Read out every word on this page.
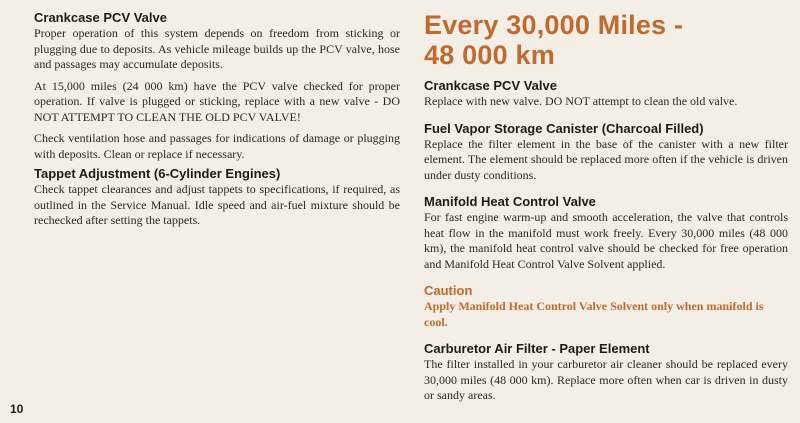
Crankcase PCV Valve

Proper operation of this system depends on freedom from sticking or plugging due to deposits. As vehicle mileage builds up the PCV valve, hose and passages may accumulate deposits.

At 15,000 miles (24 000 km) have the PCV valve checked for proper operation. If valve is plugged or sticking, replace with a new valve - DO NOT ATTEMPT TO CLEAN THE OLD PCV VALVE!

Check ventilation hose and passages for indications of damage or plugging with deposits. Clean or replace if necessary.

Tappet Adjustment (6-Cylinder Engines)

Check tappet clearances and adjust tappets to specifications, if required, as outlined in the Service Manual. Idle speed and air-fuel mixture should be rechecked after setting the tappets.

Every 30,000 Miles -
48 000 km
Crankcase PCV Valve

Replace with new valve. DO NOT attempt to clean the old valve.

Fuel Vapor Storage Canister (Charcoal Filled)

Replace the filter element in the base of the canister with a new filter element. The element should be replaced more often if the vehicle is driven under dusty conditions.

Manifold Heat Control Valve

For fast engine warm-up and smooth acceleration, the valve that controls heat flow in the manifold must work freely. Every 30,000 miles (48 000 km), the manifold heat control valve should be checked for free operation and Manifold Heat Control Valve Solvent applied.

Caution

Apply Manifold Heat Control Valve Solvent only when manifold is cool.

Carburetor Air Filter - Paper Element

The filter installed in your carburetor air cleaner should be replaced every 30,000 miles (48 000 km). Replace more often when car is driven in dusty or sandy areas.

10
